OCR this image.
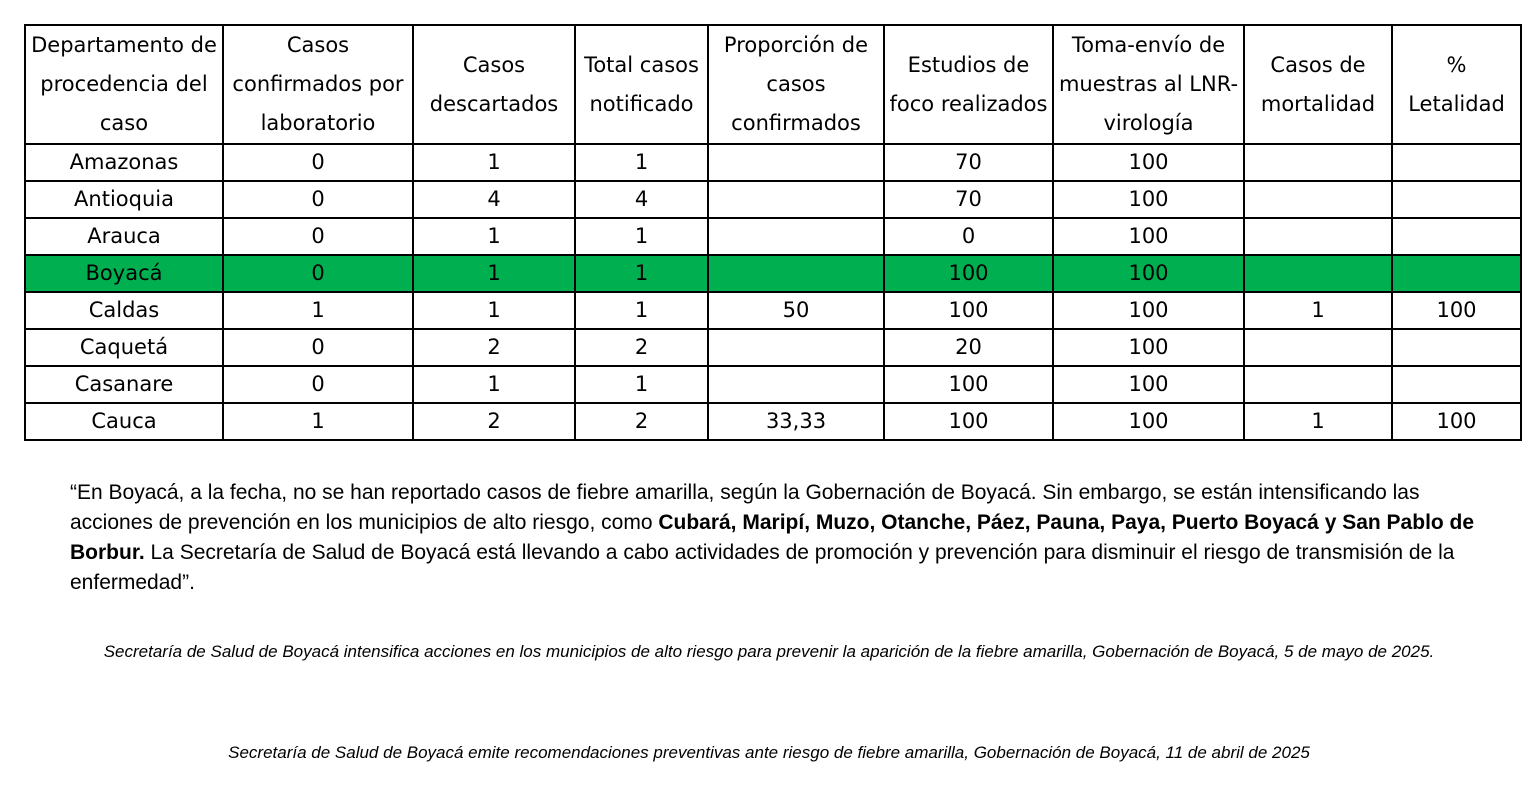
Departamento de procedencia del caso	Casos confirmados por laboratorio	Casos descartados	Total casos notificado	Proporción de casos confirmados	Estudios de foco realizados	Toma-envío de muestras al LNR-virología	Casos de mortalidad	% Letalidad
Amazonas	0	1	1		70	100		
Antioquia	0	4	4		70	100		
Arauca	0	1	1		0	100		
Boyacá	0	1	1		100	100		
Caldas	1	1	1	50	100	100	1	100
Caquetá	0	2	2		20	100		
Casanare	0	1	1		100	100		
Cauca	1	2	2	33,33	100	100	1	100

“En Boyacá, a la fecha, no se han reportado casos de fiebre amarilla, según la Gobernación de Boyacá. Sin embargo, se están intensificando las acciones de prevención en los municipios de alto riesgo, como Cubará, Maripí, Muzo, Otanche, Páez, Pauna, Paya, Puerto Boyacá y San Pablo de Borbur. La Secretaría de Salud de Boyacá está llevando a cabo actividades de promoción y prevención para disminuir el riesgo de transmisión de la enfermedad”.

Secretaría de Salud de Boyacá intensifica acciones en los municipios de alto riesgo para prevenir la aparición de la fiebre amarilla, Gobernación de Boyacá, 5 de mayo de 2025.

Secretaría de Salud de Boyacá emite recomendaciones preventivas ante riesgo de fiebre amarilla, Gobernación de Boyacá, 11 de abril de 2025
